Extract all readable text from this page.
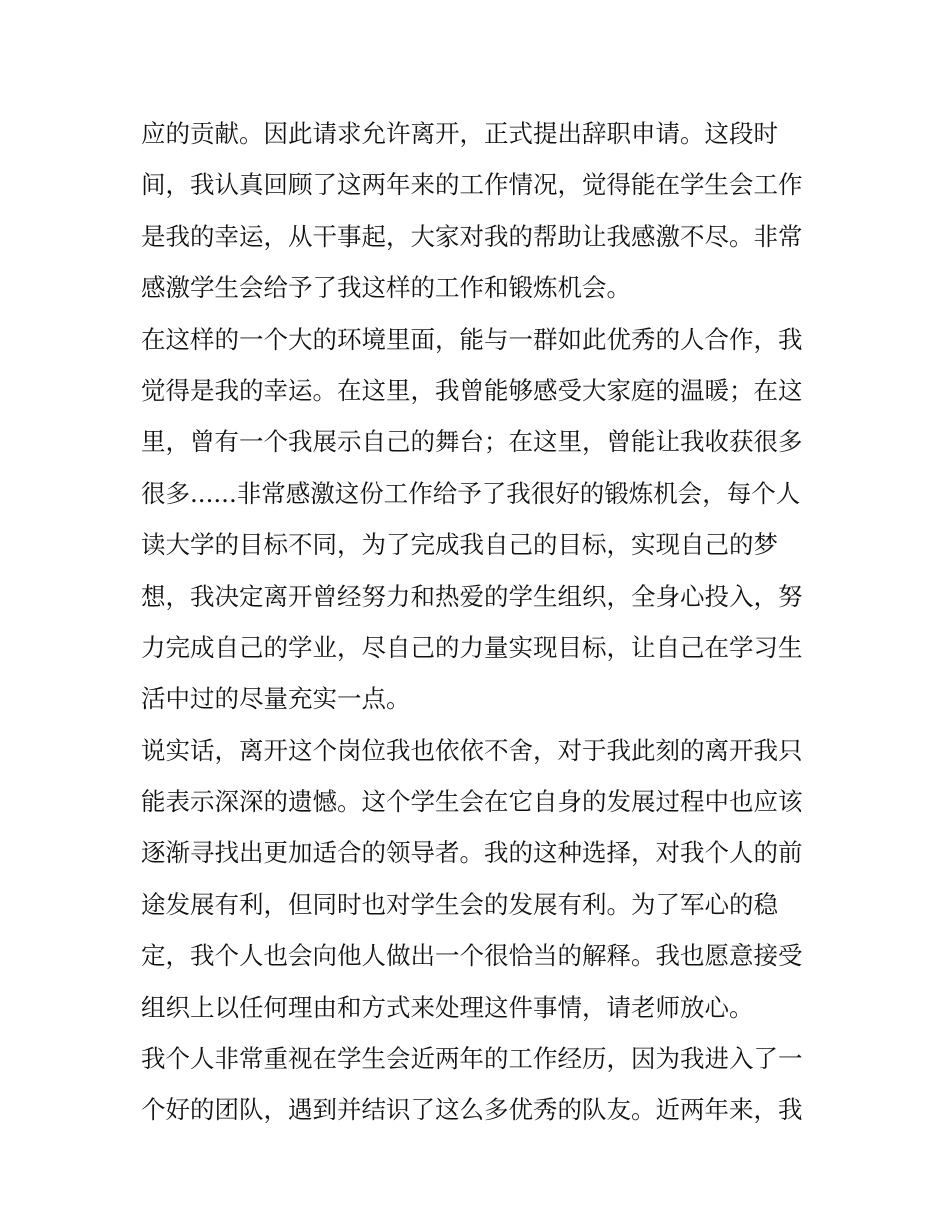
应的贡献。因此请求允许离开，正式提出辞职申请。这段时
间，我认真回顾了这两年来的工作情况，觉得能在学生会工作
是我的幸运，从干事起，大家对我的帮助让我感激不尽。非常
感激学生会给予了我这样的工作和锻炼机会。
在这样的一个大的环境里面，能与一群如此优秀的人合作，我
觉得是我的幸运。在这里，我曾能够感受大家庭的温暖；在这
里，曾有一个我展示自己的舞台；在这里，曾能让我收获很多
很多......非常感激这份工作给予了我很好的锻炼机会，每个人
读大学的目标不同，为了完成我自己的目标，实现自己的梦
想，我决定离开曾经努力和热爱的学生组织，全身心投入，努
力完成自己的学业，尽自己的力量实现目标，让自己在学习生
活中过的尽量充实一点。
说实话，离开这个岗位我也依依不舍，对于我此刻的离开我只
能表示深深的遗憾。这个学生会在它自身的发展过程中也应该
逐渐寻找出更加适合的领导者。我的这种选择，对我个人的前
途发展有利，但同时也对学生会的发展有利。为了军心的稳
定，我个人也会向他人做出一个很恰当的解释。我也愿意接受
组织上以任何理由和方式来处理这件事情，请老师放心。
我个人非常重视在学生会近两年的工作经历，因为我进入了一
个好的团队，遇到并结识了这么多优秀的队友。近两年来，我
